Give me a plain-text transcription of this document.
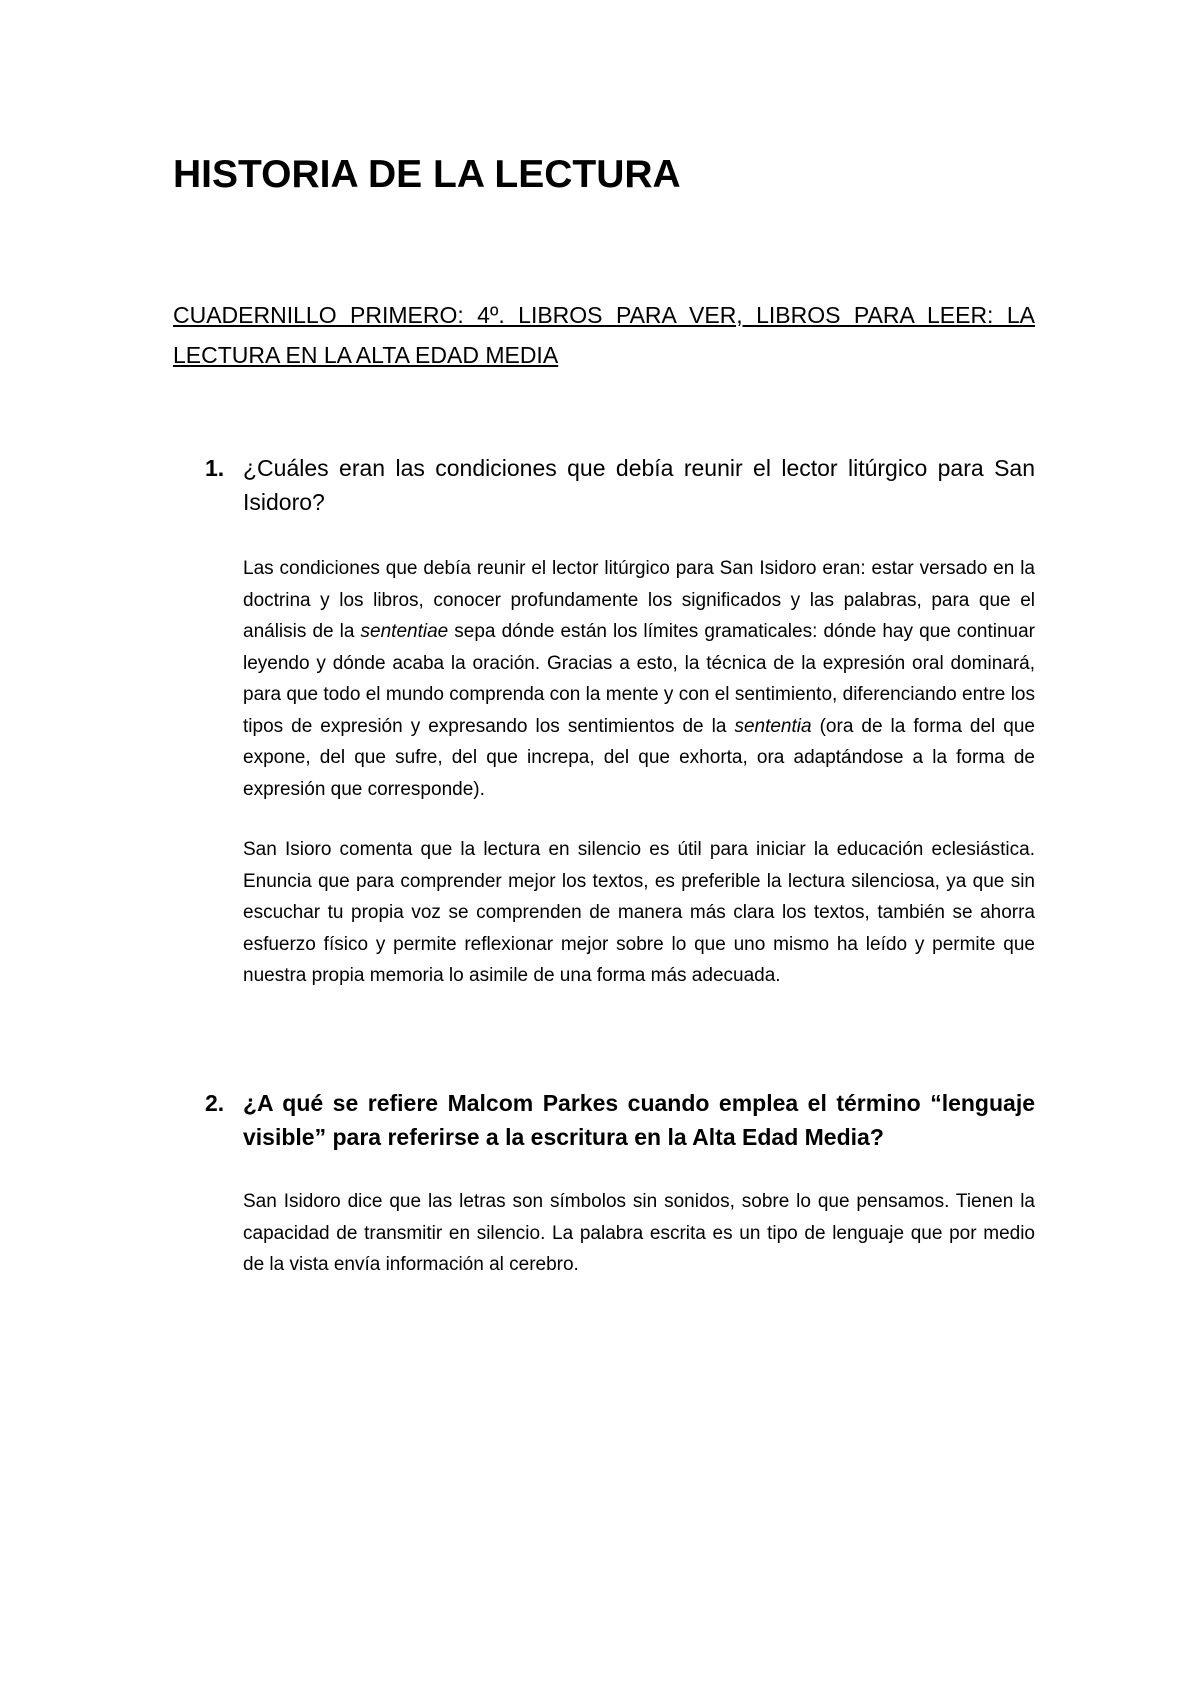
HISTORIA DE LA LECTURA
CUADERNILLO PRIMERO: 4º. LIBROS PARA VER, LIBROS PARA LEER: LA LECTURA EN LA ALTA EDAD MEDIA
1. ¿Cuáles eran las condiciones que debía reunir el lector litúrgico para San Isidoro?

Las condiciones que debía reunir el lector litúrgico para San Isidoro eran: estar versado en la doctrina y los libros, conocer profundamente los significados y las palabras, para que el análisis de la sententiae sepa dónde están los límites gramaticales: dónde hay que continuar leyendo y dónde acaba la oración. Gracias a esto, la técnica de la expresión oral dominará, para que todo el mundo comprenda con la mente y con el sentimiento, diferenciando entre los tipos de expresión y expresando los sentimientos de la sententia (ora de la forma del que expone, del que sufre, del que increpa, del que exhorta, ora adaptándose a la forma de expresión que corresponde).

San Isioro comenta que la lectura en silencio es útil para iniciar la educación eclesiástica. Enuncia que para comprender mejor los textos, es preferible la lectura silenciosa, ya que sin escuchar tu propia voz se comprenden de manera más clara los textos, también se ahorra esfuerzo físico y permite reflexionar mejor sobre lo que uno mismo ha leído y permite que nuestra propia memoria lo asimile de una forma más adecuada.

2. ¿A qué se refiere Malcom Parkes cuando emplea el término “lenguaje visible” para referirse a la escritura en la Alta Edad Media?

San Isidoro dice que las letras son símbolos sin sonidos, sobre lo que pensamos. Tienen la capacidad de transmitir en silencio. La palabra escrita es un tipo de lenguaje que por medio de la vista envía información al cerebro.
